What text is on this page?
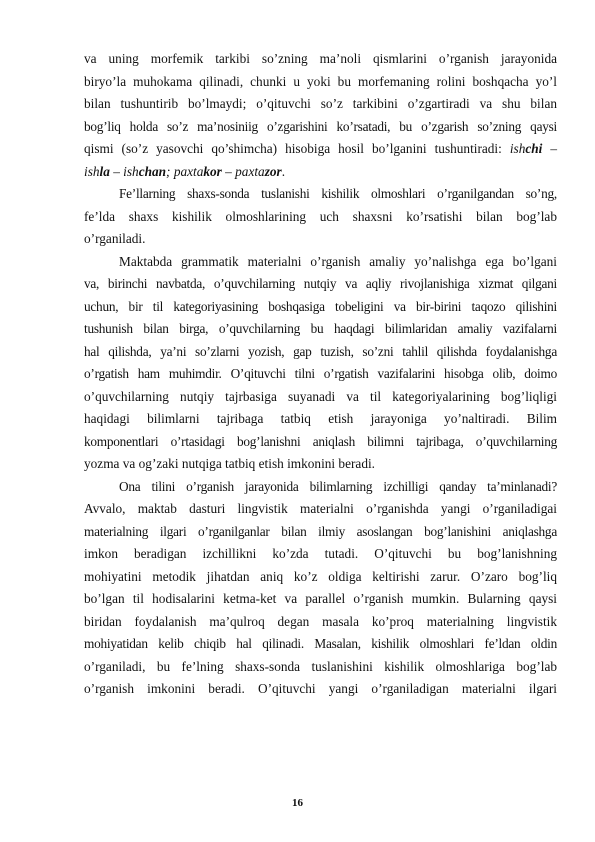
va uning morfemik tarkibi so’zning ma’noli qismlarini o’rganish jarayonida

biryo’la muhokama qilinadi, chunki u yoki bu morfemaning rolini boshqacha yo’l

bilan tushuntirib bo’lmaydi; o’qituvchi so’z tarkibini o’zgartiradi va shu bilan

bog’liq holda so’z ma’nosiniig o’zgarishini ko’rsatadi, bu o’zgarish so’zning qaysi

qismi (so’z yasovchi qo’shimcha) hisobiga hosil bo’lganini tushuntiradi: ishchi –

ishla – ishchan; paxtakor – paxtazor.

Fe’llarning shaxs-sonda tuslanishi kishilik olmoshlari o’rganilgandan so’ng,

fe’lda shaxs kishilik olmoshlarining uch shaxsni ko’rsatishi bilan bog’lab

o’rganiladi.

Maktabda grammatik materialni o’rganish amaliy yo’nalishga ega bo’lgani

va, birinchi navbatda, o’quvchilarning nutqiy va aqliy rivojlanishiga xizmat qilgani

uchun, bir til kategoriyasining boshqasiga tobeligini va bir-birini taqozo qilishini

tushunish bilan birga, o’quvchilarning bu haqdagi bilimlaridan amaliy vazifalarni

hal qilishda, ya’ni so’zlarni yozish, gap tuzish, so’zni tahlil qilishda foydalanishga

o’rgatish ham muhimdir. O’qituvchi tilni o’rgatish vazifalarini hisobga olib, doimo

o’quvchilarning nutqiy tajrbasiga suyanadi va til kategoriyalarining bog’liqligi

haqidagi bilimlarni tajribaga tatbiq etish jarayoniga yo’naltiradi. Bilim

komponentlari o’rtasidagi bog’lanishni aniqlash bilimni tajribaga, o’quvchilarning

yozma va og’zaki nutqiga tatbiq etish imkonini beradi.

Ona tilini o’rganish jarayonida bilimlarning izchilligi qanday ta’minlanadi?

Avvalo, maktab dasturi lingvistik materialni o’rganishda yangi o’rganiladigai

materialning ilgari o’rganilganlar bilan ilmiy asoslangan bog’lanishini aniqlashga

imkon beradigan izchillikni ko’zda tutadi. O’qituvchi bu bog’lanishning

mohiyatini metodik jihatdan aniq ko’z oldiga keltirishi zarur. O’zaro bog’liq

bo’lgan til hodisalarini ketma-ket va parallel o’rganish mumkin. Bularning qaysi

biridan foydalanish ma’qulroq degan masala ko’proq materialning lingvistik

mohiyatidan kelib chiqib hal qilinadi. Masalan, kishilik olmoshlari fe’ldan oldin

o’rganiladi, bu fe’lning shaxs-sonda tuslanishini kishilik olmoshlariga bog’lab

o’rganish imkonini beradi. O’qituvchi yangi o’rganiladigan materialni ilgari

16
